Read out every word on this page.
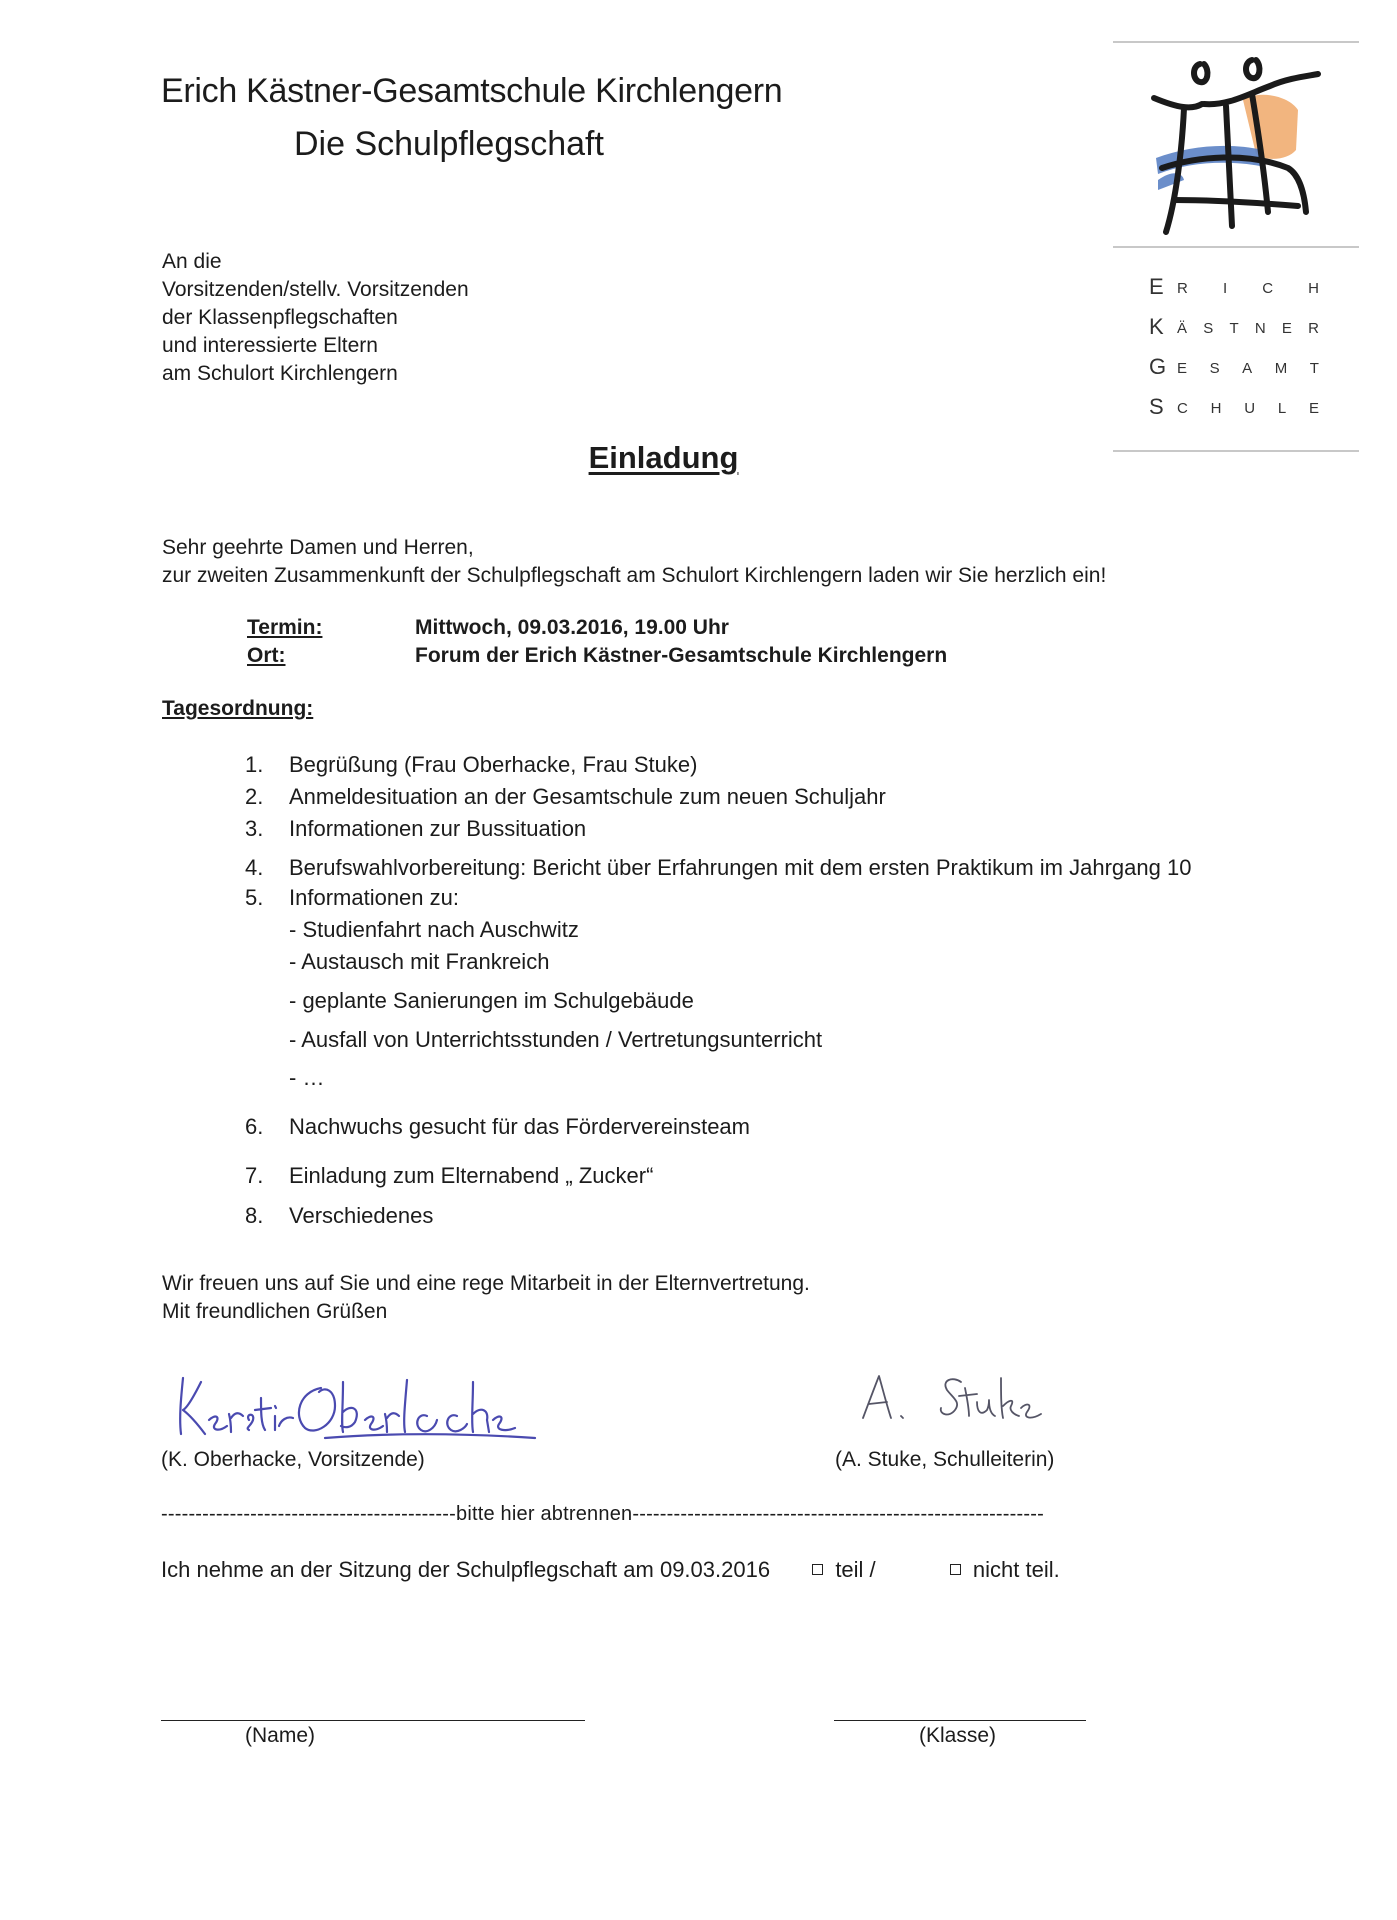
Erich Kästner-Gesamtschule Kirchlengern
Die Schulpflegschaft
E R I C H
K Ä S T N E R
G E S A M T
S C H U L E
An die
Vorsitzenden/stellv. Vorsitzenden
der Klassenpflegschaften
und interessierte Eltern
am Schulort Kirchlengern
Einladung
Sehr geehrte Damen und Herren,
zur zweiten Zusammenkunft der Schulpflegschaft am Schulort Kirchlengern laden wir Sie herzlich ein!
Termin:	Mittwoch, 09.03.2016, 19.00 Uhr
Ort:	Forum der Erich Kästner-Gesamtschule Kirchlengern
Tagesordnung:
1. Begrüßung (Frau Oberhacke, Frau Stuke)
2. Anmeldesituation an der Gesamtschule zum neuen Schuljahr
3. Informationen zur Bussituation
4. Berufswahlvorbereitung: Bericht über Erfahrungen mit dem ersten Praktikum im Jahrgang 10
5. Informationen zu:
- Studienfahrt nach Auschwitz
- Austausch mit Frankreich
- geplante Sanierungen im Schulgebäude
- Ausfall von Unterrichtsstunden / Vertretungsunterricht
- …
6. Nachwuchs gesucht für das Fördervereinsteam
7. Einladung zum Elternabend „ Zucker“
8. Verschiedenes
Wir freuen uns auf Sie und eine rege Mitarbeit in der Elternvertretung.
Mit freundlichen Grüßen
(K. Oberhacke, Vorsitzende)	(A. Stuke, Schulleiterin)
-------------------------------------------bitte hier abtrennen------------------------------------------------------------
Ich nehme an der Sitzung der Schulpflegschaft am 09.03.2016	teil /	nicht teil.
(Name)	(Klasse)
